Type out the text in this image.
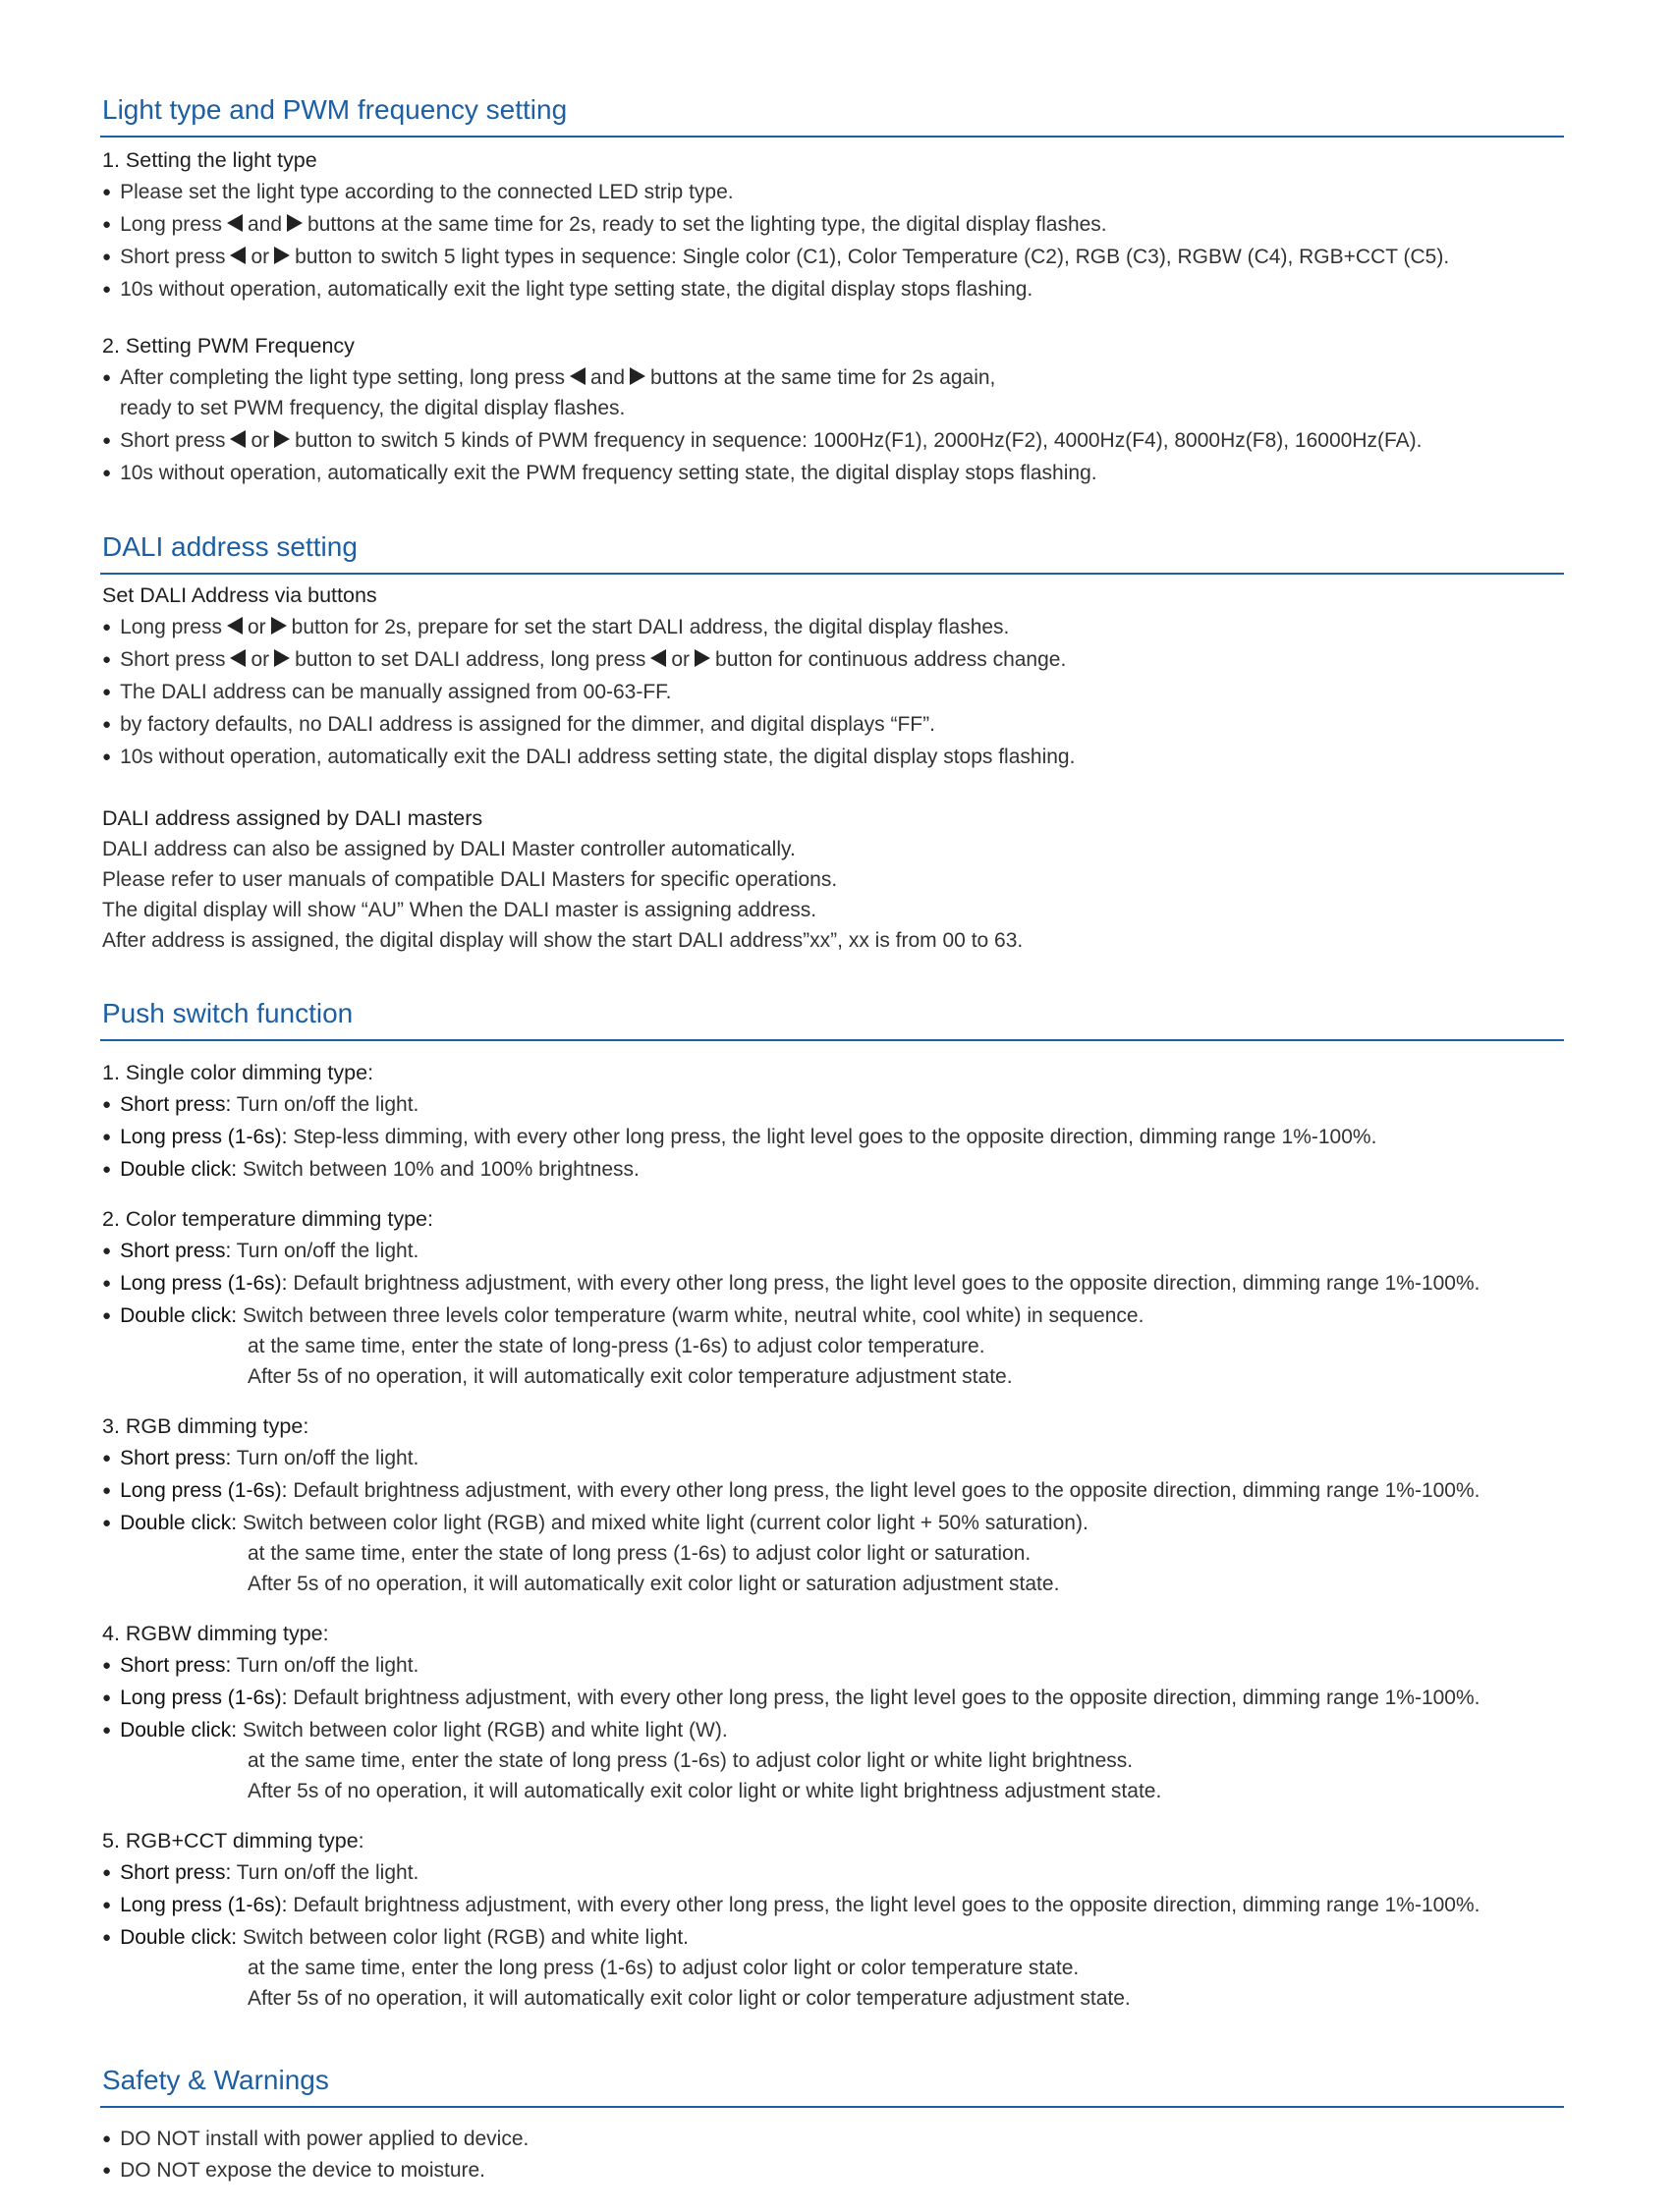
Light type and PWM frequency setting
1. Setting the light type
● Please set the light type according to the connected LED strip type.
● Long press and buttons at the same time for 2s, ready to set the lighting type, the digital display flashes.
● Short press or button to switch 5 light types in sequence: Single color (C1), Color Temperature (C2), RGB (C3), RGBW (C4), RGB+CCT (C5).
● 10s without operation, automatically exit the light type setting state, the digital display stops flashing.
2. Setting PWM Frequency
● After completing the light type setting, long press and buttons at the same time for 2s again,
ready to set PWM frequency, the digital display flashes.
● Short press or button to switch 5 kinds of PWM frequency in sequence: 1000Hz(F1), 2000Hz(F2), 4000Hz(F4), 8000Hz(F8), 16000Hz(FA).
● 10s without operation, automatically exit the PWM frequency setting state, the digital display stops flashing.
DALI address setting
Set DALI Address via buttons
● Long press or button for 2s, prepare for set the start DALI address, the digital display flashes.
● Short press or button to set DALI address, long press or button for continuous address change.
● The DALI address can be manually assigned from 00-63-FF.
● by factory defaults, no DALI address is assigned for the dimmer, and digital displays “FF”.
● 10s without operation, automatically exit the DALI address setting state, the digital display stops flashing.
DALI address assigned by DALI masters
DALI address can also be assigned by DALI Master controller automatically.
Please refer to user manuals of compatible DALI Masters for specific operations.
The digital display will show “AU” When the DALI master is assigning address.
After address is assigned, the digital display will show the start DALI address”xx”, xx is from 00 to 63.
Push switch function
1. Single color dimming type:
● Short press: Turn on/off the light.
● Long press (1-6s): Step-less dimming, with every other long press, the light level goes to the opposite direction, dimming range 1%-100%.
● Double click: Switch between 10% and 100% brightness.
2. Color temperature dimming type:
● Short press: Turn on/off the light.
● Long press (1-6s): Default brightness adjustment, with every other long press, the light level goes to the opposite direction, dimming range 1%-100%.
● Double click: Switch between three levels color temperature (warm white, neutral white, cool white) in sequence.
at the same time, enter the state of long-press (1-6s) to adjust color temperature.
After 5s of no operation, it will automatically exit color temperature adjustment state.
3. RGB dimming type:
● Short press: Turn on/off the light.
● Long press (1-6s): Default brightness adjustment, with every other long press, the light level goes to the opposite direction, dimming range 1%-100%.
● Double click: Switch between color light (RGB) and mixed white light (current color light + 50% saturation).
at the same time, enter the state of long press (1-6s) to adjust color light or saturation.
After 5s of no operation, it will automatically exit color light or saturation adjustment state.
4. RGBW dimming type:
● Short press: Turn on/off the light.
● Long press (1-6s): Default brightness adjustment, with every other long press, the light level goes to the opposite direction, dimming range 1%-100%.
● Double click: Switch between color light (RGB) and white light (W).
at the same time, enter the state of long press (1-6s) to adjust color light or white light brightness.
After 5s of no operation, it will automatically exit color light or white light brightness adjustment state.
5. RGB+CCT dimming type:
● Short press: Turn on/off the light.
● Long press (1-6s): Default brightness adjustment, with every other long press, the light level goes to the opposite direction, dimming range 1%-100%.
● Double click: Switch between color light (RGB) and white light.
at the same time, enter the long press (1-6s) to adjust color light or color temperature state.
After 5s of no operation, it will automatically exit color light or color temperature adjustment state.
Safety & Warnings
● DO NOT install with power applied to device.
● DO NOT expose the device to moisture.
